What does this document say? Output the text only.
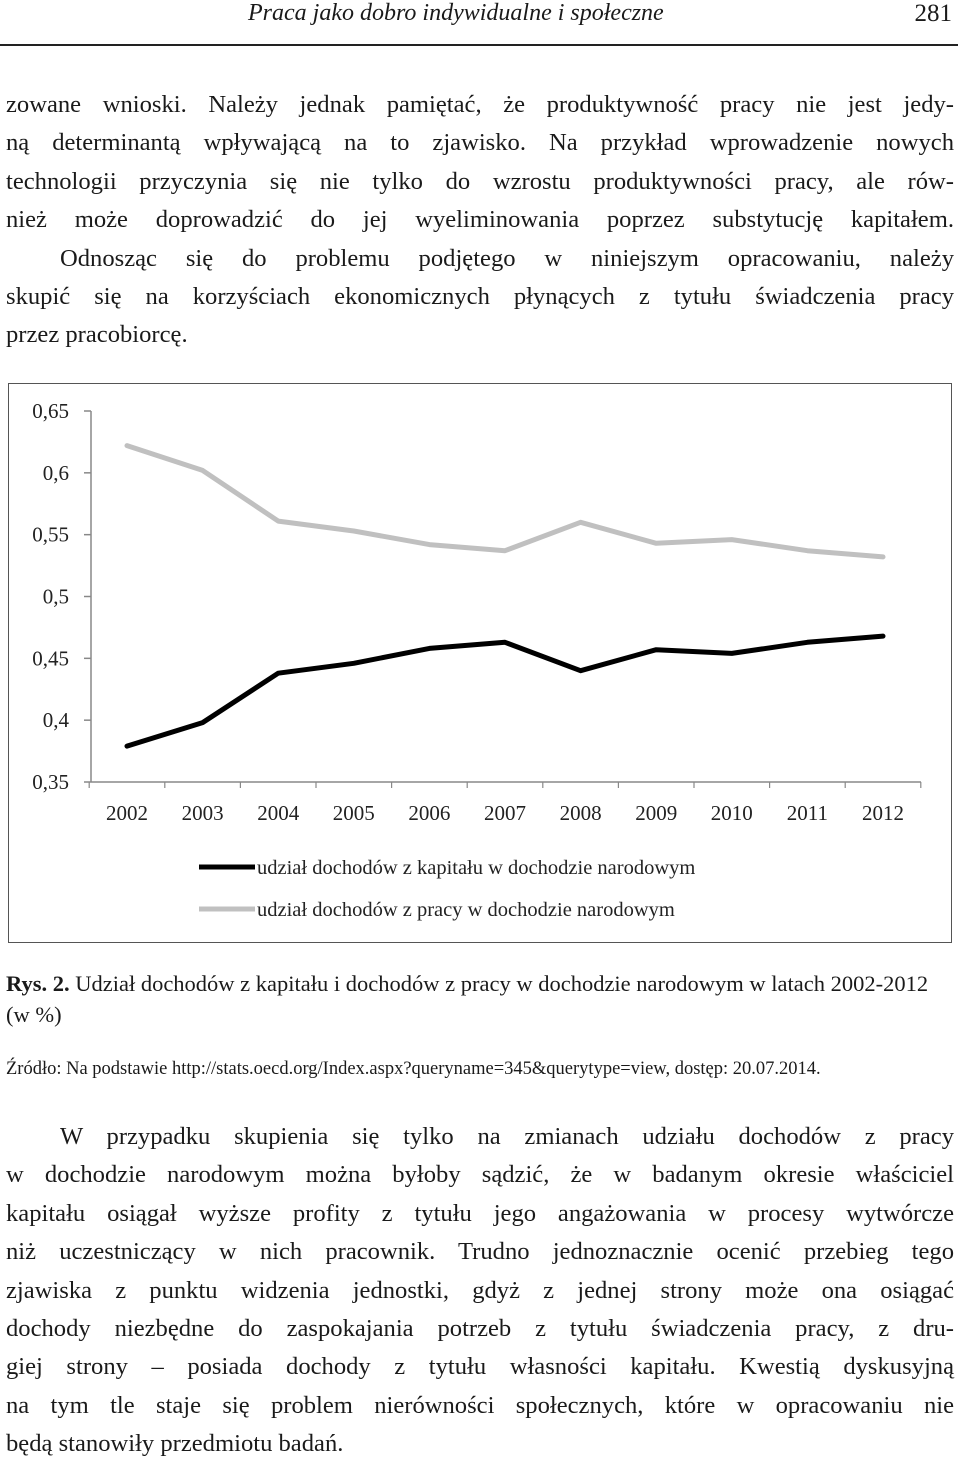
Praca jako dobro indywidualne i społeczne	281
zowane wnioski. Należy jednak pamiętać, że produktywność pracy nie jest jedy-
ną determinantą wpływającą na to zjawisko. Na przykład wprowadzenie nowych
technologii przyczynia się nie tylko do wzrostu produktywności pracy, ale rów-
nież może doprowadzić do jej wyeliminowania poprzez substytucję kapitałem.
Odnosząc się do problemu podjętego w niniejszym opracowaniu, należy
skupić się na korzyściach ekonomicznych płynących z tytułu świadczenia pracy
przez pracobiorcę.
0,65
0,6
0,55
0,5
0,45
0,4
0,35
2002 2003 2004 2005 2006 2007 2008 2009 2010 2011 2012
udział dochodów z kapitału w dochodzie narodowym
udział dochodów z pracy w dochodzie narodowym
Rys. 2. Udział dochodów z kapitału i dochodów z pracy w dochodzie narodowym w latach 2002-2012 (w %)
Źródło: Na podstawie http://stats.oecd.org/Index.aspx?queryname=345&querytype=view, dostęp: 20.07.2014.
W przypadku skupienia się tylko na zmianach udziału dochodów z pracy
w dochodzie narodowym można byłoby sądzić, że w badanym okresie właściciel
kapitału osiągał wyższe profity z tytułu jego angażowania w procesy wytwórcze
niż uczestniczący w nich pracownik. Trudno jednoznacznie ocenić przebieg tego
zjawiska z punktu widzenia jednostki, gdyż z jednej strony może ona osiągać
dochody niezbędne do zaspokajania potrzeb z tytułu świadczenia pracy, z dru-
giej strony – posiada dochody z tytułu własności kapitału. Kwestią dyskusyjną
na tym tle staje się problem nierówności społecznych, które w opracowaniu nie
będą stanowiły przedmiotu badań.
